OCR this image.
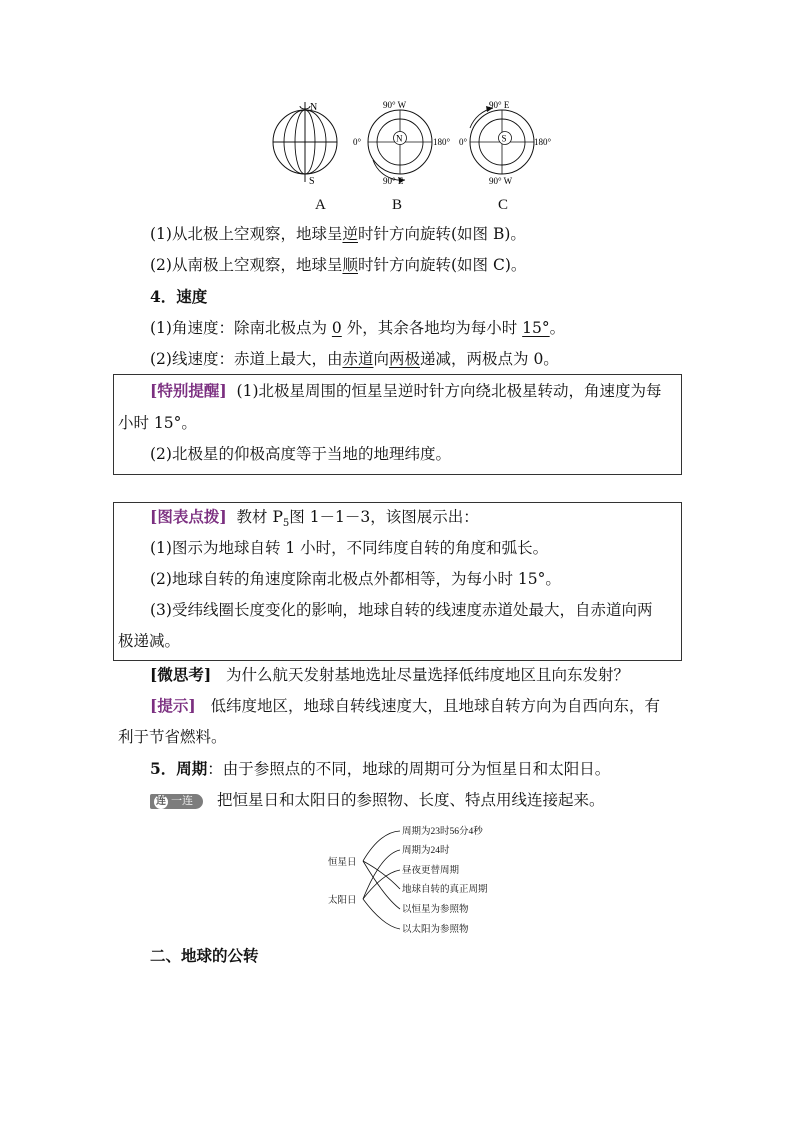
N
S
N
90° W
90° E
0°	180°	S
90° E
90° W
0°	180°
A	B	C
(1)从北极上空观察，地球呈逆时针方向旋转(如图 B)。
(2)从南极上空观察，地球呈顺时针方向旋转(如图 C)。
4．速度
(1)角速度：除南北极点为 0 外，其余各地均为每小时 15°。
(2)线速度：赤道上最大，由赤道向两极递减，两极点为 0。
[特别提醒] (1)北极星周围的恒星呈逆时针方向绕北极星转动，角速度为每
小时 15°。
(2)北极星的仰极高度等于当地的地理纬度。
[图表点拨] 教材 $P_5$图 1－1－3，该图展示出：
(1)图示为地球自转 1 小时，不同纬度自转的角度和弧长。
(2)地球自转的角速度除南北极点外都相等，为每小时 15°。
(3)受纬线圈长度变化的影响，地球自转的线速度赤道处最大，自赤道向两
极递减。
[微思考] 为什么航天发射基地选址尽量选择低纬度地区且向东发射？
[提示] 低纬度地区，地球自转线速度大，且地球自转方向为自西向东，有
利于节省燃料。
5．周期：由于参照点的不同，地球的周期可分为恒星日和太阳日。
连 一连 把恒星日和太阳日的参照物、长度、特点用线连接起来。
恒星日
太阳日
周期为23时56分4秒
周期为24时
昼夜更替周期
地球自转的真正周期
以恒星为参照物
以太阳为参照物
二、地球的公转
